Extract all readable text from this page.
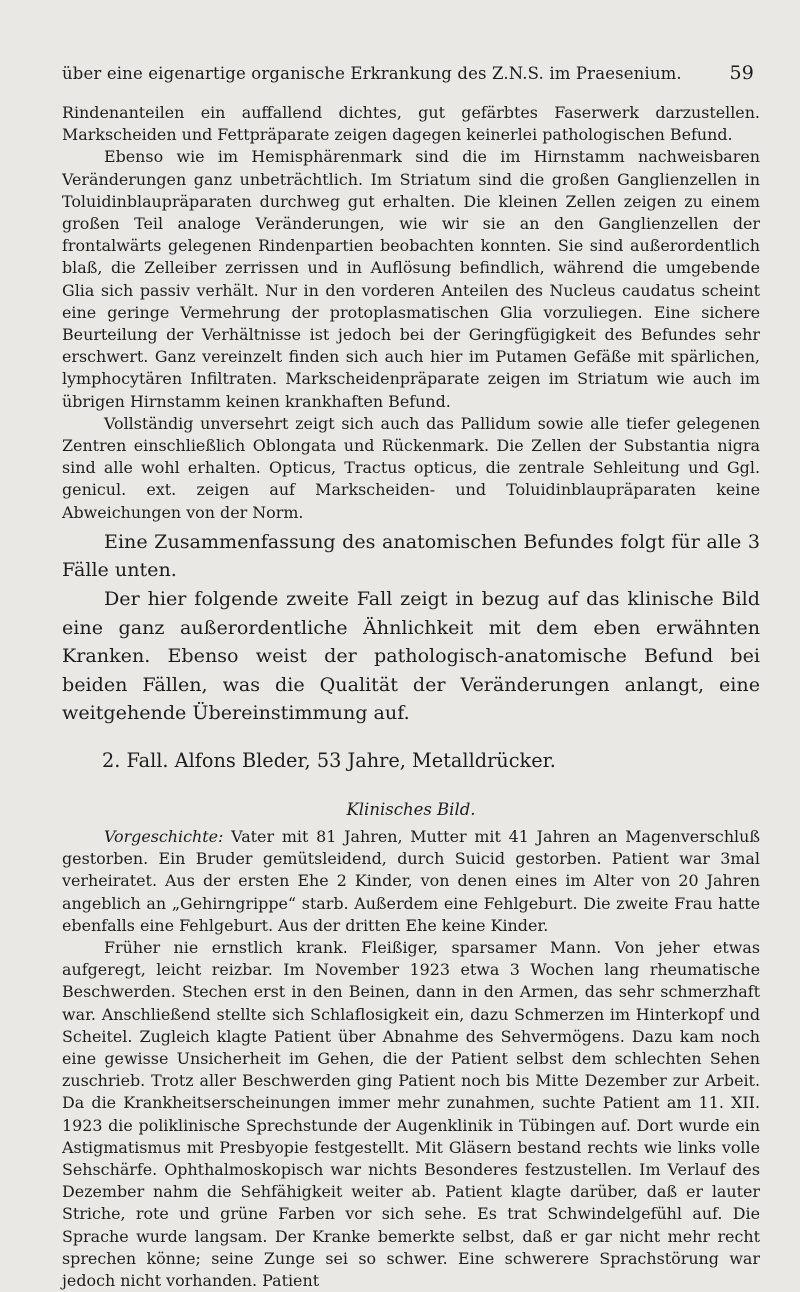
über eine eigenartige organische Erkrankung des Z.N.S. im Praesenium.	59

Rindenanteilen ein auffallend dichtes, gut gefärbtes Faserwerk darzustellen. Markscheiden und Fettpräparate zeigen dagegen keinerlei pathologischen Befund.

Ebenso wie im Hemisphärenmark sind die im Hirnstamm nachweisbaren Veränderungen ganz unbeträchtlich. Im Striatum sind die großen Ganglienzellen in Toluidinblaupräparaten durchweg gut erhalten. Die kleinen Zellen zeigen zu einem großen Teil analoge Veränderungen, wie wir sie an den Ganglienzellen der frontalwärts gelegenen Rindenpartien beobachten konnten. Sie sind außerordentlich blaß, die Zelleiber zerrissen und in Auflösung befindlich, während die umgebende Glia sich passiv verhält. Nur in den vorderen Anteilen des Nucleus caudatus scheint eine geringe Vermehrung der protoplasmatischen Glia vorzuliegen. Eine sichere Beurteilung der Verhältnisse ist jedoch bei der Geringfügigkeit des Befundes sehr erschwert. Ganz vereinzelt finden sich auch hier im Putamen Gefäße mit spärlichen, lymphocytären Infiltraten. Markscheidenpräparate zeigen im Striatum wie auch im übrigen Hirnstamm keinen krankhaften Befund.

Vollständig unversehrt zeigt sich auch das Pallidum sowie alle tiefer gelegenen Zentren einschließlich Oblongata und Rückenmark. Die Zellen der Substantia nigra sind alle wohl erhalten. Opticus, Tractus opticus, die zentrale Sehleitung und Ggl. genicul. ext. zeigen auf Markscheiden- und Toluidinblaupräparaten keine Abweichungen von der Norm.

Eine Zusammenfassung des anatomischen Befundes folgt für alle 3 Fälle unten.

Der hier folgende zweite Fall zeigt in bezug auf das klinische Bild eine ganz außerordentliche Ähnlichkeit mit dem eben erwähnten Kranken. Ebenso weist der pathologisch-anatomische Befund bei beiden Fällen, was die Qualität der Veränderungen anlangt, eine weitgehende Übereinstimmung auf.

2. Fall. Alfons Bleder, 53 Jahre, Metalldrücker.
Klinisches Bild.

Vorgeschichte: Vater mit 81 Jahren, Mutter mit 41 Jahren an Magenverschluß gestorben. Ein Bruder gemütsleidend, durch Suicid gestorben. Patient war 3mal verheiratet. Aus der ersten Ehe 2 Kinder, von denen eines im Alter von 20 Jahren angeblich an „Gehirngrippe“ starb. Außerdem eine Fehlgeburt. Die zweite Frau hatte ebenfalls eine Fehlgeburt. Aus der dritten Ehe keine Kinder.

Früher nie ernstlich krank. Fleißiger, sparsamer Mann. Von jeher etwas aufgeregt, leicht reizbar. Im November 1923 etwa 3 Wochen lang rheumatische Beschwerden. Stechen erst in den Beinen, dann in den Armen, das sehr schmerzhaft war. Anschließend stellte sich Schlaflosigkeit ein, dazu Schmerzen im Hinterkopf und Scheitel. Zugleich klagte Patient über Abnahme des Sehvermögens. Dazu kam noch eine gewisse Unsicherheit im Gehen, die der Patient selbst dem schlechten Sehen zuschrieb. Trotz aller Beschwerden ging Patient noch bis Mitte Dezember zur Arbeit. Da die Krankheitserscheinungen immer mehr zunahmen, suchte Patient am 11. XII. 1923 die poliklinische Sprechstunde der Augenklinik in Tübingen auf. Dort wurde ein Astigmatismus mit Presbyopie festgestellt. Mit Gläsern bestand rechts wie links volle Sehschärfe. Ophthalmoskopisch war nichts Besonderes festzustellen. Im Verlauf des Dezember nahm die Sehfähigkeit weiter ab. Patient klagte darüber, daß er lauter Striche, rote und grüne Farben vor sich sehe. Es trat Schwindelgefühl auf. Die Sprache wurde langsam. Der Kranke bemerkte selbst, daß er gar nicht mehr recht sprechen könne; seine Zunge sei so schwer. Eine schwerere Sprachstörung war jedoch nicht vorhanden. Patient
